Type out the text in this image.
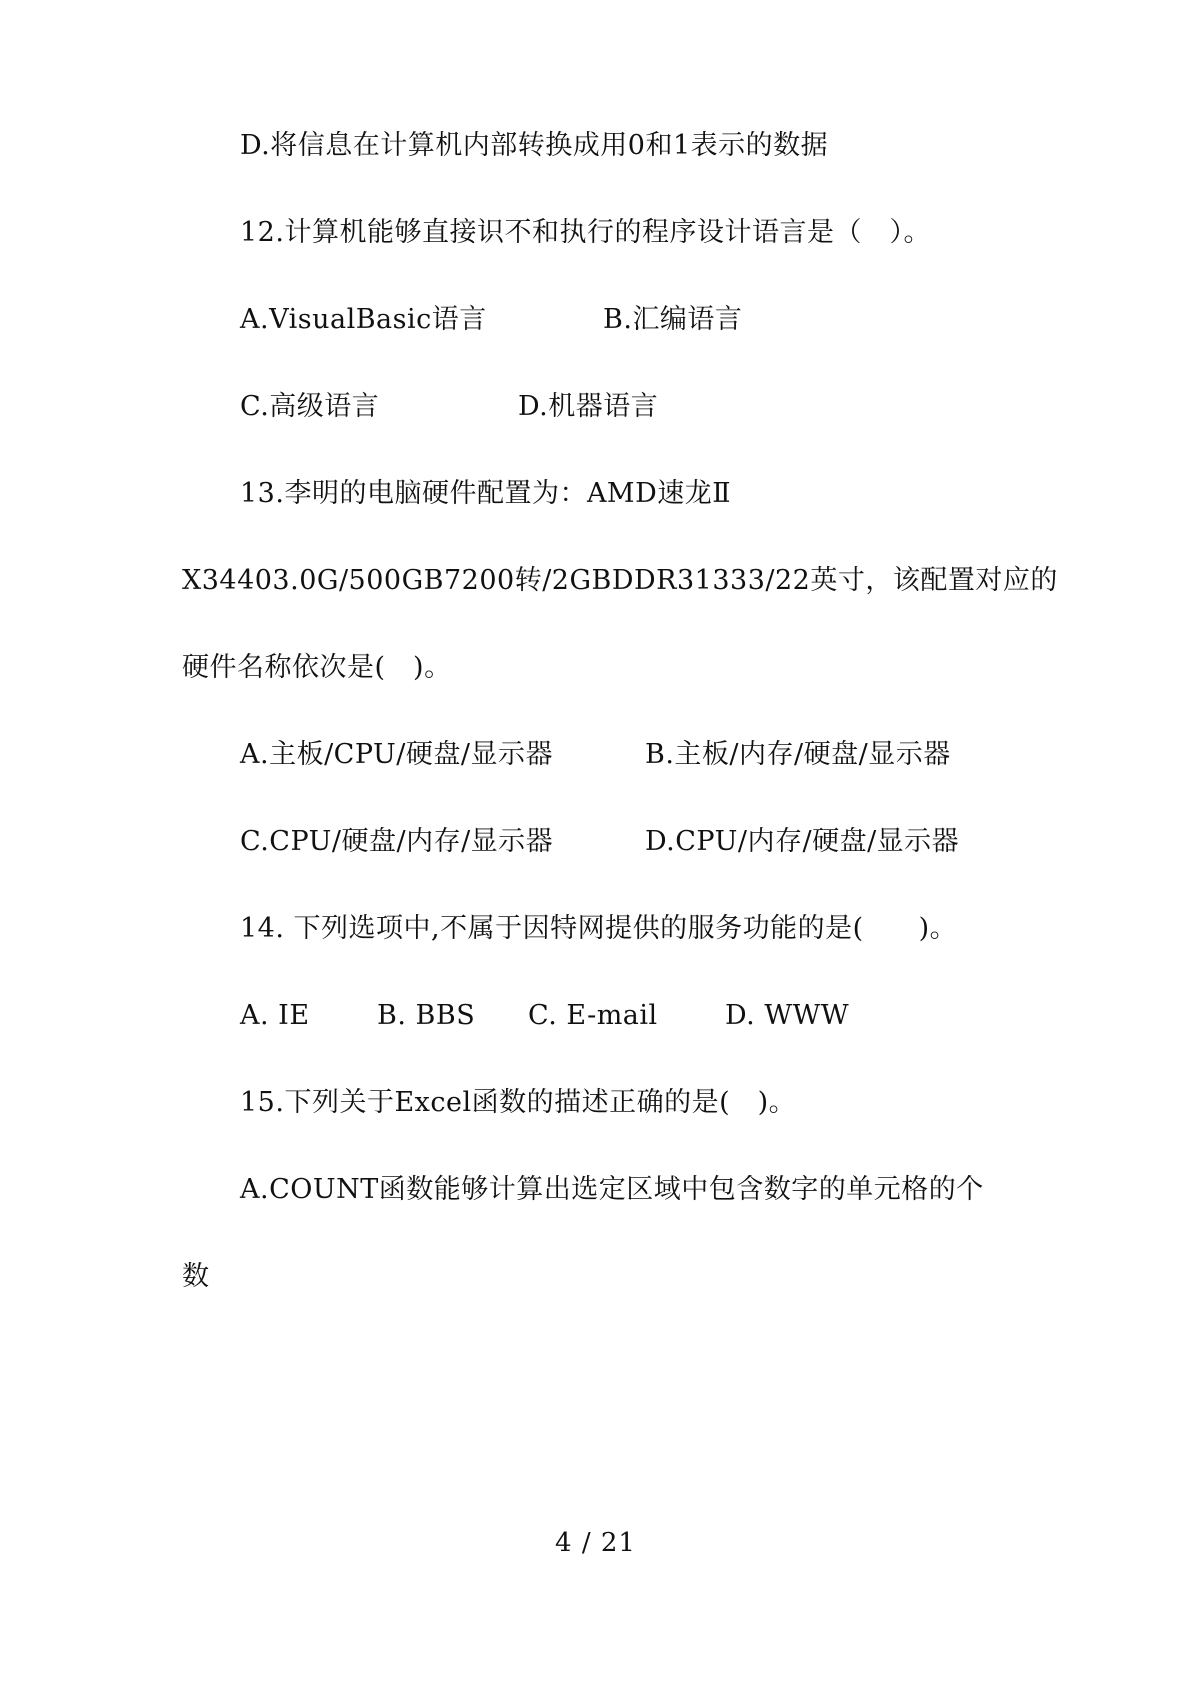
D.将信息在计算机内部转换成用0和1表示的数据
12.计算机能够直接识不和执行的程序设计语言是（　）。
A.VisualBasic语言	B.汇编语言
C.高级语言	D.机器语言
13.李明的电脑硬件配置为：AMD速龙Ⅱ
X34403.0G/500GB7200转/2GBDDR31333/22英寸，该配置对应的
硬件名称依次是(　)。
A.主板/CPU/硬盘/显示器	B.主板/内存/硬盘/显示器
C.CPU/硬盘/内存/显示器	D.CPU/内存/硬盘/显示器
14. 下列选项中,不属于因特网提供的服务功能的是(　　)。
A. IE B. BBS C. E-mail D. WWW
15.下列关于Excel函数的描述正确的是(　)。
A.COUNT函数能够计算出选定区域中包含数字的单元格的个
数
4 / 21
